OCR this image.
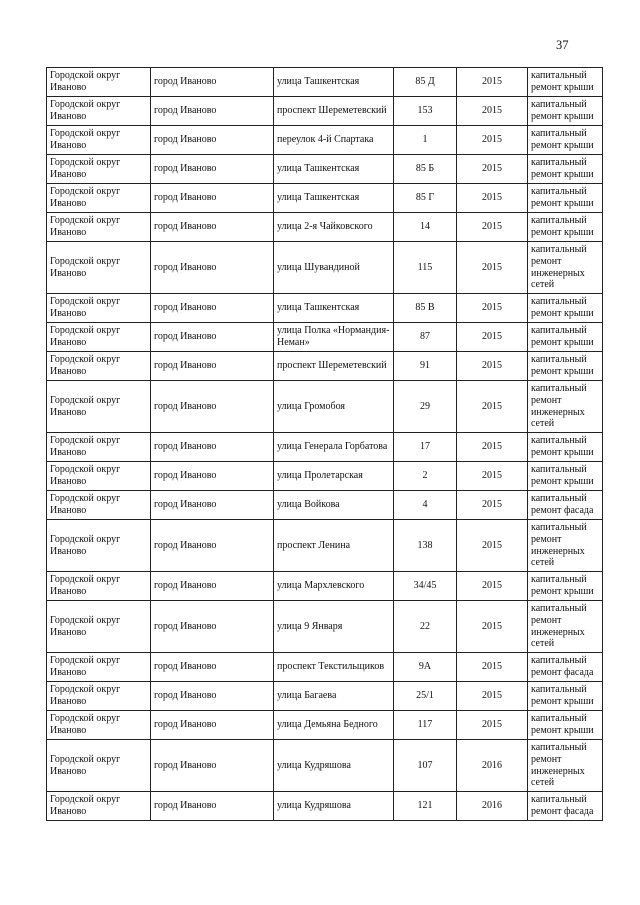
37
Городской округ Иваново	город Иваново	улица Ташкентская	85 Д	2015	капитальный ремонт крыши
Городской округ Иваново	город Иваново	проспект Шереметевский	153	2015	капитальный ремонт крыши
Городской округ Иваново	город Иваново	переулок 4-й Спартака	1	2015	капитальный ремонт крыши
Городской округ Иваново	город Иваново	улица Ташкентская	85 Б	2015	капитальный ремонт крыши
Городской округ Иваново	город Иваново	улица Ташкентская	85 Г	2015	капитальный ремонт крыши
Городской округ Иваново	город Иваново	улица 2-я Чайковского	14	2015	капитальный ремонт крыши
Городской округ Иваново	город Иваново	улица Шувандиной	115	2015	капитальный ремонт инженерных сетей
Городской округ Иваново	город Иваново	улица Ташкентская	85 В	2015	капитальный ремонт крыши
Городской округ Иваново	город Иваново	улица Полка «Нормандия-Неман»	87	2015	капитальный ремонт крыши
Городской округ Иваново	город Иваново	проспект Шереметевский	91	2015	капитальный ремонт крыши
Городской округ Иваново	город Иваново	улица Громобоя	29	2015	капитальный ремонт инженерных сетей
Городской округ Иваново	город Иваново	улица Генерала Горбатова	17	2015	капитальный ремонт крыши
Городской округ Иваново	город Иваново	улица Пролетарская	2	2015	капитальный ремонт крыши
Городской округ Иваново	город Иваново	улица Войкова	4	2015	капитальный ремонт фасада
Городской округ Иваново	город Иваново	проспект Ленина	138	2015	капитальный ремонт инженерных сетей
Городской округ Иваново	город Иваново	улица Мархлевского	34/45	2015	капитальный ремонт крыши
Городской округ Иваново	город Иваново	улица 9 Января	22	2015	капитальный ремонт инженерных сетей
Городской округ Иваново	город Иваново	проспект Текстильщиков	9А	2015	капитальный ремонт фасада
Городской округ Иваново	город Иваново	улица Багаева	25/1	2015	капитальный ремонт крыши
Городской округ Иваново	город Иваново	улица Демьяна Бедного	117	2015	капитальный ремонт крыши
Городской округ Иваново	город Иваново	улица Кудряшова	107	2016	капитальный ремонт инженерных сетей
Городской округ Иваново	город Иваново	улица Кудряшова	121	2016	капитальный ремонт фасада
